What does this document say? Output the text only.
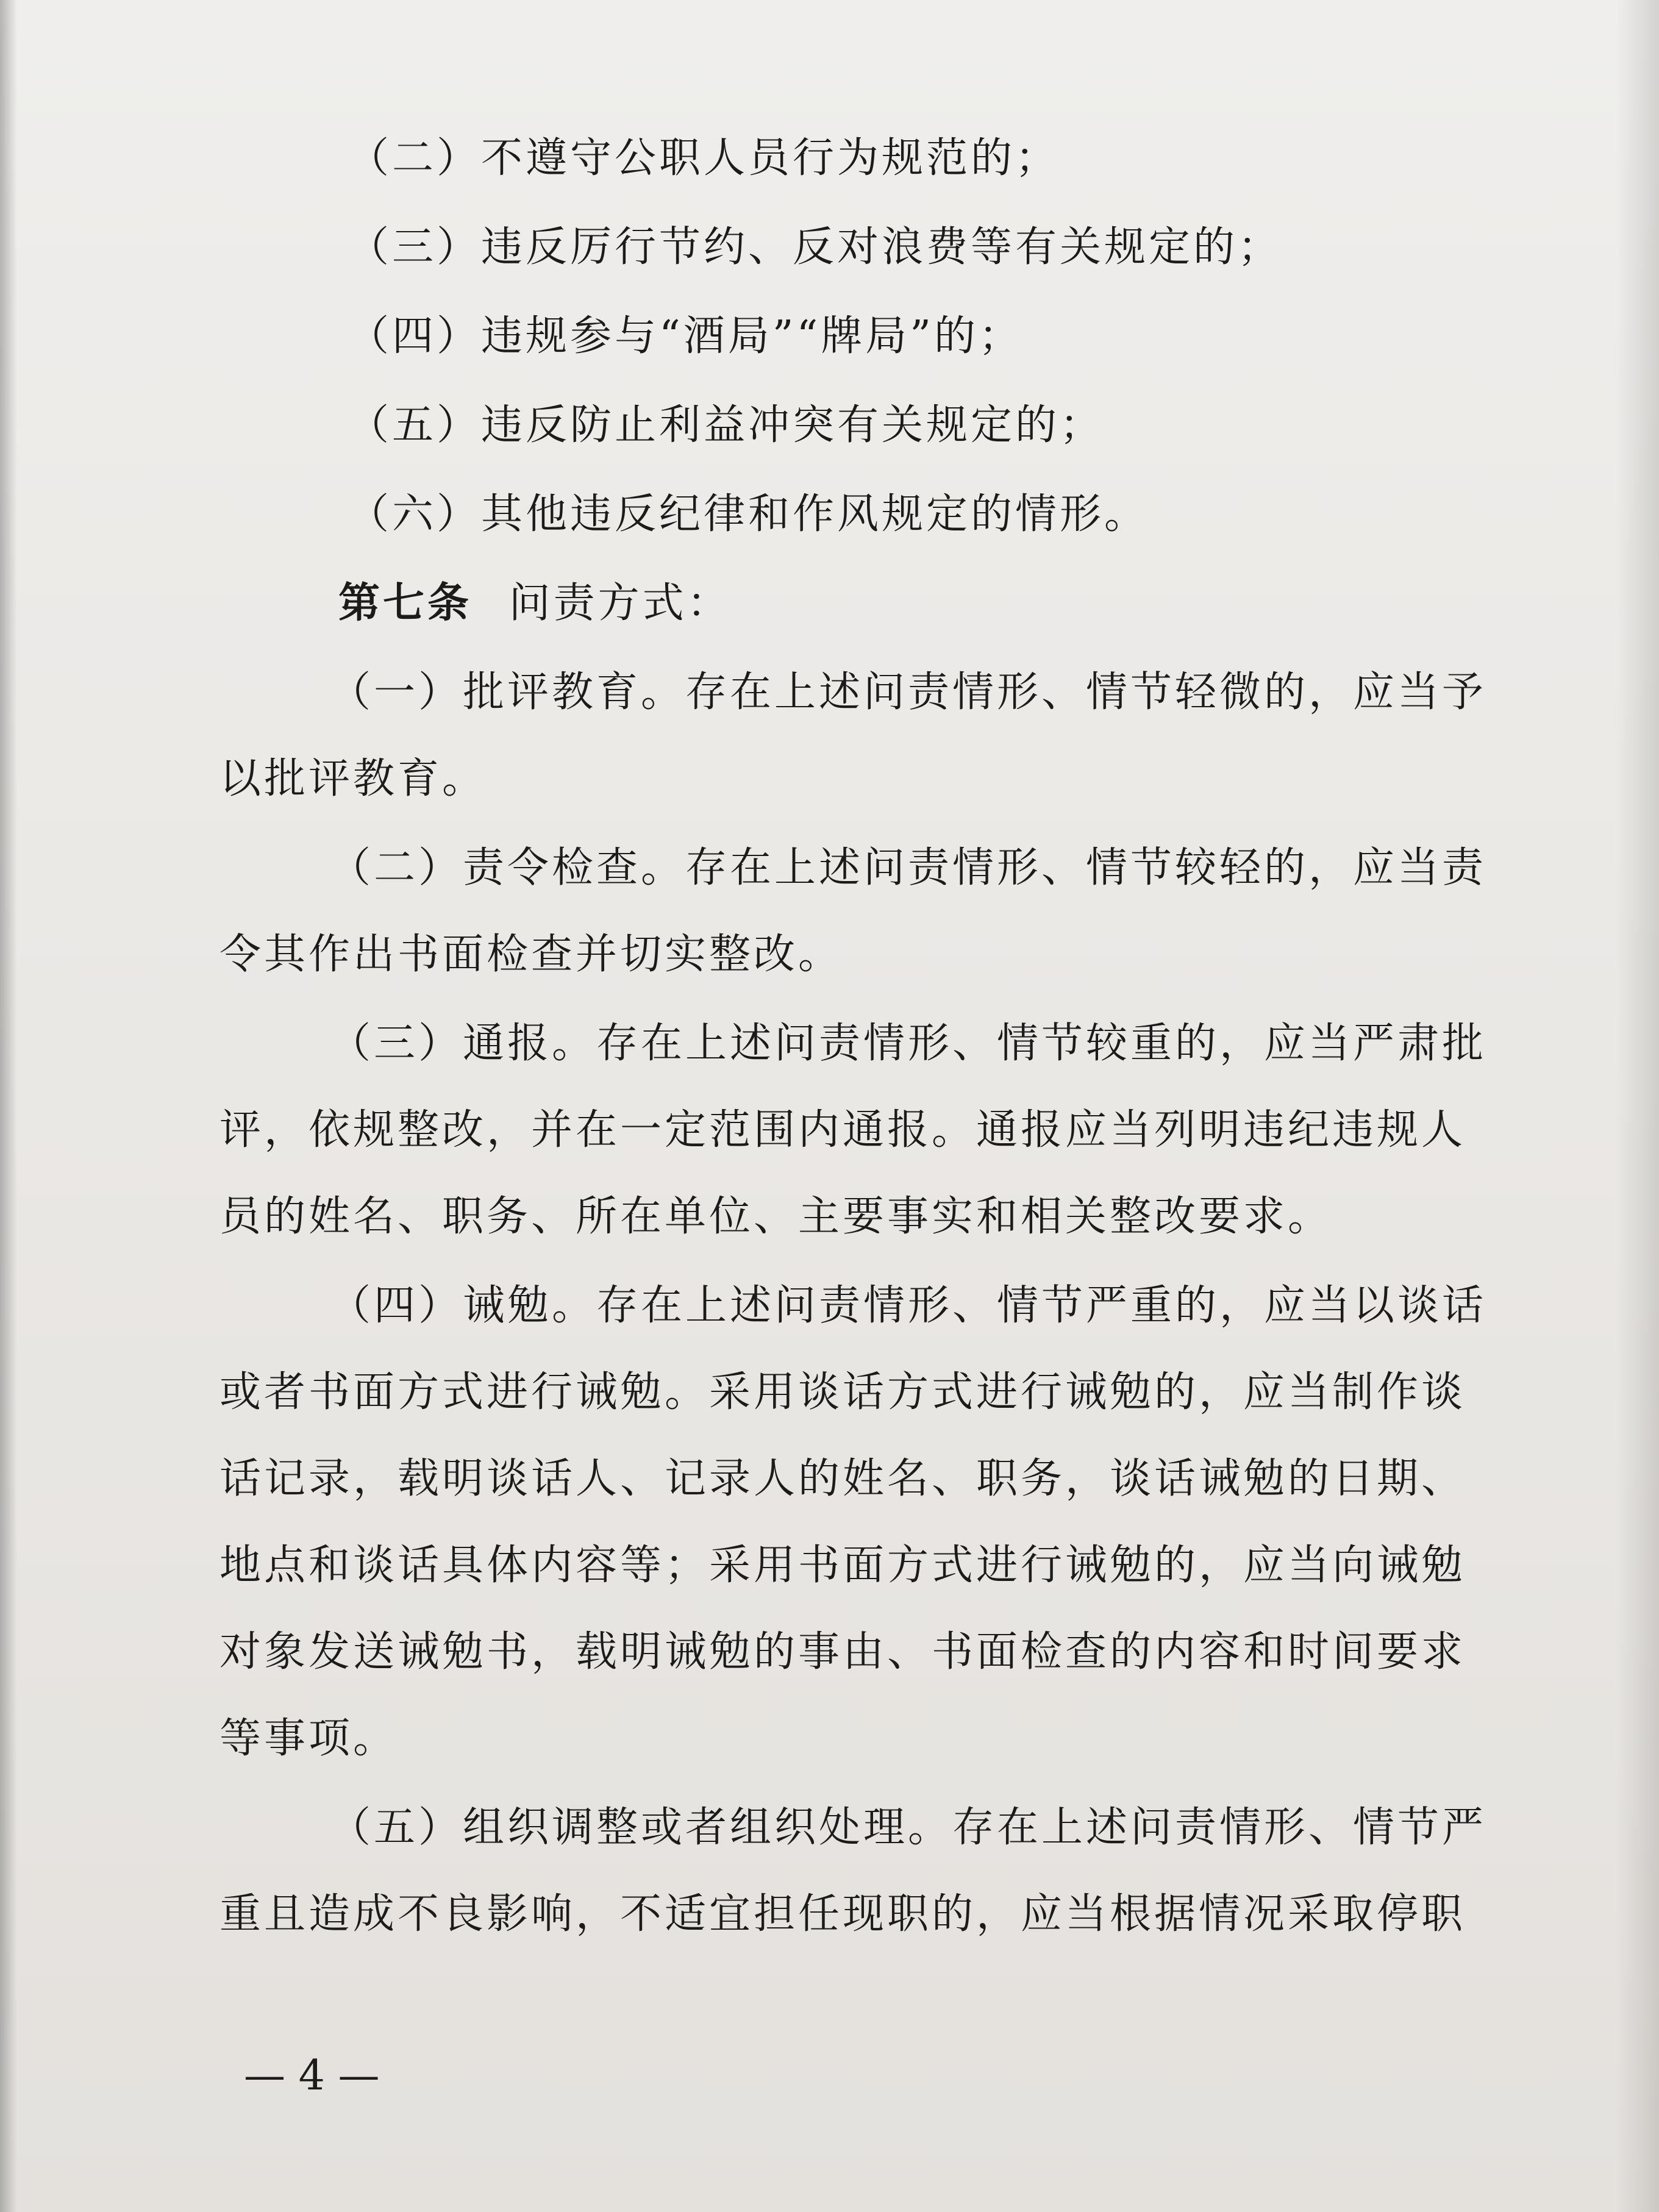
（二）不遵守公职人员行为规范的；
（三）违反厉行节约、反对浪费等有关规定的；
（四）违规参与“酒局”“牌局”的；
（五）违反防止利益冲突有关规定的；
（六）其他违反纪律和作风规定的情形。
第七条 问责方式：
（一）批评教育。存在上述问责情形、情节轻微的，应当予
以批评教育。
（二）责令检查。存在上述问责情形、情节较轻的，应当责
令其作出书面检查并切实整改。
（三）通报。存在上述问责情形、情节较重的，应当严肃批
评，依规整改，并在一定范围内通报。通报应当列明违纪违规人
员的姓名、职务、所在单位、主要事实和相关整改要求。
（四）诫勉。存在上述问责情形、情节严重的，应当以谈话
或者书面方式进行诫勉。采用谈话方式进行诫勉的，应当制作谈
话记录，载明谈话人、记录人的姓名、职务，谈话诫勉的日期、
地点和谈话具体内容等；采用书面方式进行诫勉的，应当向诫勉
对象发送诫勉书，载明诫勉的事由、书面检查的内容和时间要求
等事项。
（五）组织调整或者组织处理。存在上述问责情形、情节严
重且造成不良影响，不适宜担任现职的，应当根据情况采取停职
— 4 —
